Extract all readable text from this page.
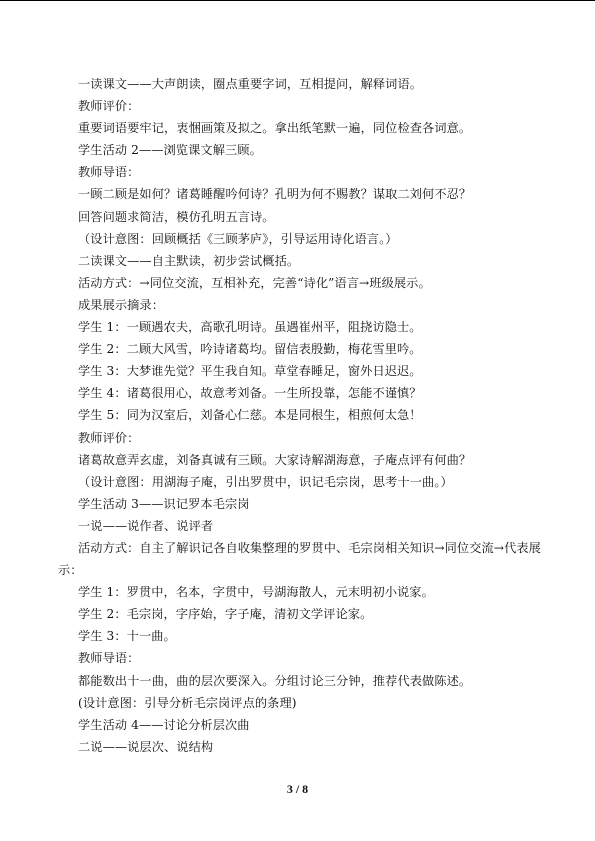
一读课文——大声朗读，圈点重要字词，互相提问，解释词语。
教师评价：
重要词语要牢记，衷悃画策及拟之。拿出纸笔默一遍，同位检查各词意。
学生活动 2——浏览课文解三顾。
教师导语：
一顾二顾是如何？诸葛睡醒吟何诗？孔明为何不赐教？谋取二刘何不忍？
回答问题求简洁，模仿孔明五言诗。
（设计意图：回顾概括《三顾茅庐》，引导运用诗化语言。）
二读课文——自主默读，初步尝试概括。
活动方式：→同位交流，互相补充，完善“诗化”语言→班级展示。
成果展示摘录：
学生 1：一顾遇农夫，高歌孔明诗。虽遇崔州平，阻挠访隐士。
学生 2：二顾大风雪，吟诗诸葛均。留信表殷勤，梅花雪里吟。
学生 3：大梦谁先觉？平生我自知。草堂春睡足，窗外日迟迟。
学生 4：诸葛很用心，故意考刘备。一生所投靠，怎能不谨慎？
学生 5：同为汉室后，刘备心仁慈。本是同根生，相煎何太急！
教师评价：
诸葛故意弄玄虚，刘备真诚有三顾。大家诗解湖海意，子庵点评有何曲？
（设计意图：用湖海子庵，引出罗贯中，识记毛宗岗，思考十一曲。）
学生活动 3——识记罗本毛宗岗
一说——说作者、说评者
活动方式：自主了解识记各自收集整理的罗贯中、毛宗岗相关知识→同位交流→代表展
示：
学生 1：罗贯中，名本，字贯中，号湖海散人，元末明初小说家。
学生 2：毛宗岗，字序始，字子庵，清初文学评论家。
学生 3：十一曲。
教师导语：
都能数出十一曲，曲的层次要深入。分组讨论三分钟，推荐代表做陈述。
(设计意图：引导分析毛宗岗评点的条理)
学生活动 4——讨论分析层次曲
二说——说层次、说结构
3 / 8
